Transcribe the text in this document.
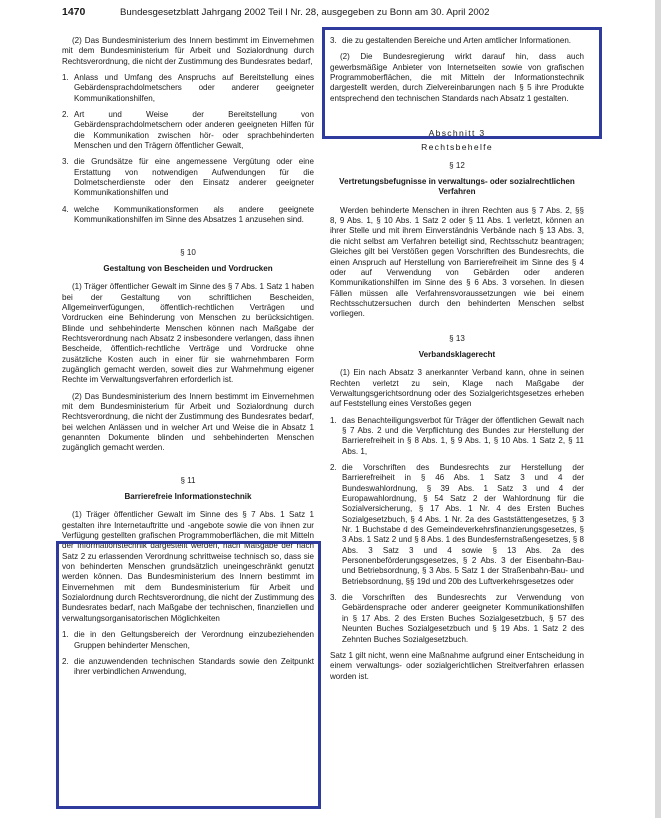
1470	Bundesgesetzblatt Jahrgang 2002 Teil I Nr. 28, ausgegeben zu Bonn am 30. April 2002

(2) Das Bundesministerium des Innern bestimmt im Einvernehmen mit dem Bundesministerium für Arbeit und Sozialordnung durch Rechtsverordnung, die nicht der Zustimmung des Bundesrates bedarf,

1. Anlass und Umfang des Anspruchs auf Bereitstellung eines Gebärdensprachdolmetschers oder anderer geeigneter Kommunikationshilfen,
2. Art und Weise der Bereitstellung von Gebärdensprachdolmetschern oder anderen geeigneten Hilfen für die Kommunikation zwischen hör- oder sprachbehinderten Menschen und den Trägern öffentlicher Gewalt,
3. die Grundsätze für eine angemessene Vergütung oder eine Erstattung von notwendigen Aufwendungen für die Dolmetscherdienste oder den Einsatz anderer geeigneter Kommunikationshilfen und
4. welche Kommunikationsformen als andere geeignete Kommunikationshilfen im Sinne des Absatzes 1 anzusehen sind.
§ 10
Gestaltung von Bescheiden und Vordrucken

(1) Träger öffentlicher Gewalt im Sinne des § 7 Abs. 1 Satz 1 haben bei der Gestaltung von schriftlichen Bescheiden, Allgemeinverfügungen, öffentlich-rechtlichen Verträgen und Vordrucken eine Behinderung von Menschen zu berücksichtigen. Blinde und sehbehinderte Menschen können nach Maßgabe der Rechtsverordnung nach Absatz 2 insbesondere verlangen, dass ihnen Bescheide, öffentlich-rechtliche Verträge und Vordrucke ohne zusätzliche Kosten auch in einer für sie wahrnehmbaren Form zugänglich gemacht werden, soweit dies zur Wahrnehmung eigener Rechte im Verwaltungsverfahren erforderlich ist.

(2) Das Bundesministerium des Innern bestimmt im Einvernehmen mit dem Bundesministerium für Arbeit und Sozialordnung durch Rechtsverordnung, die nicht der Zustimmung des Bundesrates bedarf, bei welchen Anlässen und in welcher Art und Weise die in Absatz 1 genannten Dokumente blinden und sehbehinderten Menschen zugänglich gemacht werden.

§ 11
Barrierefreie Informationstechnik

(1) Träger öffentlicher Gewalt im Sinne des § 7 Abs. 1 Satz 1 gestalten ihre Internetauftritte und -angebote sowie die von ihnen zur Verfügung gestellten grafischen Programmoberflächen, die mit Mitteln der Informationstechnik dargestellt werden, nach Maßgabe der nach Satz 2 zu erlassenden Verordnung schrittweise technisch so, dass sie von behinderten Menschen grundsätzlich uneingeschränkt genutzt werden können. Das Bundesministerium des Innern bestimmt im Einvernehmen mit dem Bundesministerium für Arbeit und Sozialordnung durch Rechtsverordnung, die nicht der Zustimmung des Bundesrates bedarf, nach Maßgabe der technischen, finanziellen und verwaltungsorganisatorischen Möglichkeiten

1. die in den Geltungsbereich der Verordnung einzubeziehenden Gruppen behinderter Menschen,
2. die anzuwendenden technischen Standards sowie den Zeitpunkt ihrer verbindlichen Anwendung,
3. die zu gestaltenden Bereiche und Arten amtlicher Informationen.

(2) Die Bundesregierung wirkt darauf hin, dass auch gewerbsmäßige Anbieter von Internetseiten sowie von grafischen Programmoberflächen, die mit Mitteln der Informationstechnik dargestellt werden, durch Zielvereinbarungen nach § 5 ihre Produkte entsprechend den technischen Standards nach Absatz 1 gestalten.

Abschnitt 3
Rechtsbehelfe
§ 12
Vertretungsbefugnisse in verwaltungs- oder sozialrechtlichen Verfahren

Werden behinderte Menschen in ihren Rechten aus § 7 Abs. 2, §§ 8, 9 Abs. 1, § 10 Abs. 1 Satz 2 oder § 11 Abs. 1 verletzt, können an ihrer Stelle und mit ihrem Einverständnis Verbände nach § 13 Abs. 3, die nicht selbst am Verfahren beteiligt sind, Rechtsschutz beantragen; Gleiches gilt bei Verstößen gegen Vorschriften des Bundesrechts, die einen Anspruch auf Herstellung von Barrierefreiheit im Sinne des § 4 oder auf Verwendung von Gebärden oder anderen Kommunikationshilfen im Sinne des § 6 Abs. 3 vorsehen. In diesen Fällen müssen alle Verfahrensvoraussetzungen wie bei einem Rechtsschutzersuchen durch den behinderten Menschen selbst vorliegen.

§ 13
Verbandsklagerecht

(1) Ein nach Absatz 3 anerkannter Verband kann, ohne in seinen Rechten verletzt zu sein, Klage nach Maßgabe der Verwaltungsgerichtsordnung oder des Sozialgerichtsgesetzes erheben auf Feststellung eines Verstoßes gegen

1. das Benachteiligungsverbot für Träger der öffentlichen Gewalt nach § 7 Abs. 2 und die Verpflichtung des Bundes zur Herstellung der Barrierefreiheit in § 8 Abs. 1, § 9 Abs. 1, § 10 Abs. 1 Satz 2, § 11 Abs. 1,
2. die Vorschriften des Bundesrechts zur Herstellung der Barrierefreiheit in § 46 Abs. 1 Satz 3 und 4 der Bundeswahlordnung, § 39 Abs. 1 Satz 3 und 4 der Europawahlordnung, § 54 Satz 2 der Wahlordnung für die Sozialversicherung, § 17 Abs. 1 Nr. 4 des Ersten Buches Sozialgesetzbuch, § 4 Abs. 1 Nr. 2a des Gaststättengesetzes, § 3 Nr. 1 Buchstabe d des Gemeindeverkehrsfinanzierungsgesetzes, § 3 Abs. 1 Satz 2 und § 8 Abs. 1 des Bundesfernstraßengesetzes, § 8 Abs. 3 Satz 3 und 4 sowie § 13 Abs. 2a des Personenbeförderungsgesetzes, § 2 Abs. 3 der Eisenbahn-Bau- und Betriebsordnung, § 3 Abs. 5 Satz 1 der Straßenbahn-Bau- und Betriebsordnung, §§ 19d und 20b des Luftverkehrsgesetzes oder
3. die Vorschriften des Bundesrechts zur Verwendung von Gebärdensprache oder anderer geeigneter Kommunikationshilfen in § 17 Abs. 2 des Ersten Buches Sozialgesetzbuch, § 57 des Neunten Buches Sozialgesetzbuch und § 19 Abs. 1 Satz 2 des Zehnten Buches Sozialgesetzbuch.

Satz 1 gilt nicht, wenn eine Maßnahme aufgrund einer Entscheidung in einem verwaltungs- oder sozialgerichtlichen Streitverfahren erlassen worden ist.
